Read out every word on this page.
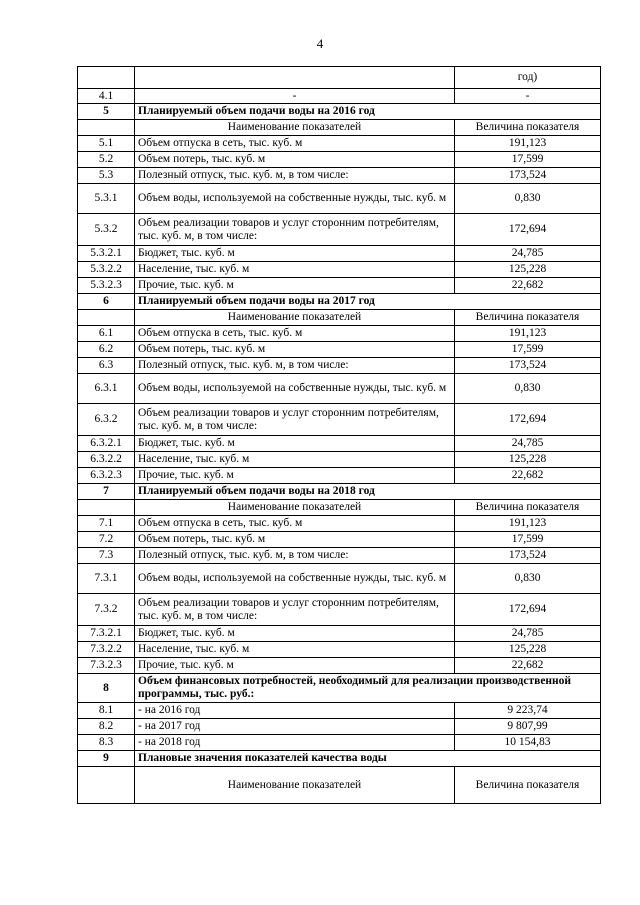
4
		год)
4.1	-	-
5	Планируемый объем подачи воды на 2016 год	
	Наименование показателей	Величина показателя
5.1	Объем отпуска в сеть, тыс. куб. м	191,123
5.2	Объем потерь, тыс. куб. м	17,599
5.3	Полезный отпуск, тыс. куб. м, в том числе:	173,524
5.3.1	Объем воды, используемой на собственные нужды, тыс. куб. м	0,830
5.3.2	Объем реализации товаров и услуг сторонним потребителям, тыс. куб. м, в том числе:	172,694
5.3.2.1	Бюджет, тыс. куб. м	24,785
5.3.2.2	Население, тыс. куб. м	125,228
5.3.2.3	Прочие, тыс. куб. м	22,682
6	Планируемый объем подачи воды на 2017 год	
	Наименование показателей	Величина показателя
6.1	Объем отпуска в сеть, тыс. куб. м	191,123
6.2	Объем потерь, тыс. куб. м	17,599
6.3	Полезный отпуск, тыс. куб. м, в том числе:	173,524
6.3.1	Объем воды, используемой на собственные нужды, тыс. куб. м	0,830
6.3.2	Объем реализации товаров и услуг сторонним потребителям, тыс. куб. м, в том числе:	172,694
6.3.2.1	Бюджет, тыс. куб. м	24,785
6.3.2.2	Население, тыс. куб. м	125,228
6.3.2.3	Прочие, тыс. куб. м	22,682
7	Планируемый объем подачи воды на 2018 год	
	Наименование показателей	Величина показателя
7.1	Объем отпуска в сеть, тыс. куб. м	191,123
7.2	Объем потерь, тыс. куб. м	17,599
7.3	Полезный отпуск, тыс. куб. м, в том числе:	173,524
7.3.1	Объем воды, используемой на собственные нужды, тыс. куб. м	0,830
7.3.2	Объем реализации товаров и услуг сторонним потребителям, тыс. куб. м, в том числе:	172,694
7.3.2.1	Бюджет, тыс. куб. м	24,785
7.3.2.2	Население, тыс. куб. м	125,228
7.3.2.3	Прочие, тыс. куб. м	22,682
8	Объем финансовых потребностей, необходимый для реализации производственной программы, тыс. руб.:	
8.1	- на 2016 год	9 223,74
8.2	- на 2017 год	9 807,99
8.3	- на 2018 год	10 154,83
9	Плановые значения показателей качества воды	
	Наименование показателей	Величина показателя
